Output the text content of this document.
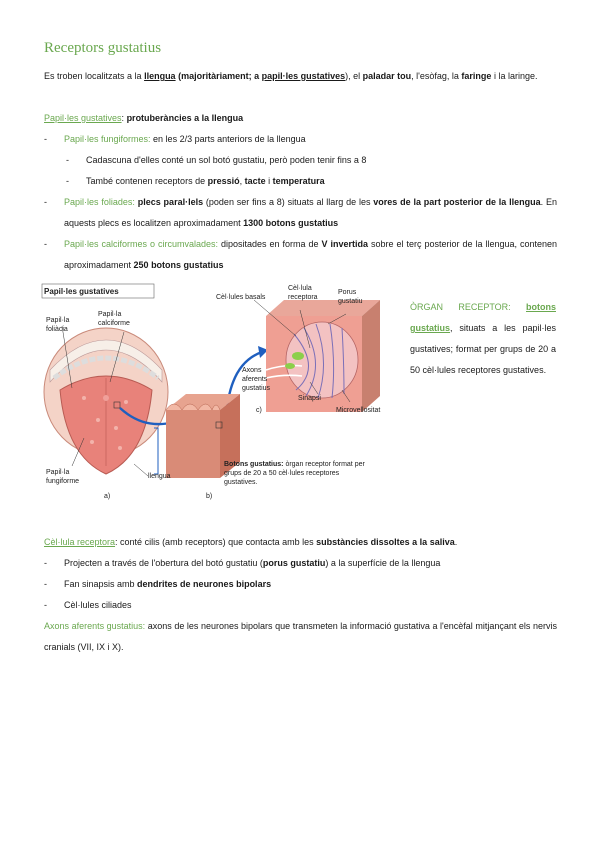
Receptors gustatius

Es troben localitzats a la llengua (majoritàriament; a papil·les gustatives), el paladar tou, l'esòfag, la faringe i la laringe.

Papil·les gustatives: protuberàncies a la llengua

- Papil·les fungiformes: en les 2/3 parts anteriors de la llengua

- Cadascuna d'elles conté un sol botó gustatiu, però poden tenir fins a 8

- També contenen receptors de pressió, tacte i temperatura

- Papil·les foliades: plecs paral·lels (poden ser fins a 8) situats al llarg de les vores de la part posterior de la llengua. En aquests plecs es localitzen aproximadament 1300 botons gustatius

- Papil·les calciformes o circumvalades: dipositades en forma de V invertida sobre el terç posterior de la llengua, contenen aproximadament 250 botons gustatius

Papil·les gustatives
Papil·la foliàcia
Papil·la calciforme
Papil·la fungiforme
llengua
a)	b)
c)
Cèl·lules basals
Cèl·lula receptora
Porus gustatiu
Axons aferents gustatius
Sinapsi
Microvellositat
Botons gustatius: òrgan receptor format per grups de 20 a 50 cèl·lules receptores gustatives.

ÒRGAN RECEPTOR: botons gustatius, situats a les papil·les gustatives; format per grups de 20 a 50 cèl·lules receptores gustatives.

Cèl·lula receptora: conté cilis (amb receptors) que contacta amb les substàncies dissoltes a la saliva.

- Projecten a través de l'obertura del botó gustatiu (porus gustatiu) a la superfície de la llengua

- Fan sinapsis amb dendrites de neurones bipolars

- Cèl·lules ciliades

Axons aferents gustatius: axons de les neurones bipolars que transmeten la informació gustativa a l'encèfal mitjançant els nervis cranials (VII, IX i X).
